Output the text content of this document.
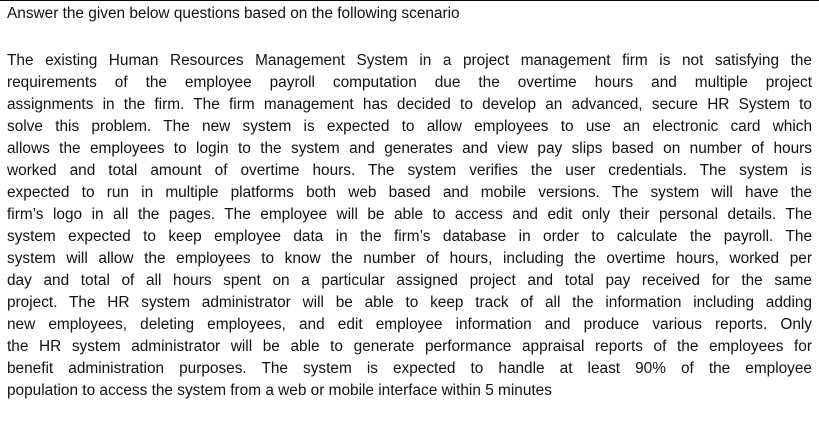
Answer the given below questions based on the following scenario
The existing Human Resources Management System in a project management firm is not satisfying the
requirements of the employee payroll computation due the overtime hours and multiple project
assignments in the firm. The firm management has decided to develop an advanced, secure HR System to
solve this problem. The new system is expected to allow employees to use an electronic card which
allows the employees to login to the system and generates and view pay slips based on number of hours
worked and total amount of overtime hours. The system verifies the user credentials. The system is
expected to run in multiple platforms both web based and mobile versions. The system will have the
firm’s logo in all the pages. The employee will be able to access and edit only their personal details. The
system expected to keep employee data in the firm’s database in order to calculate the payroll. The
system will allow the employees to know the number of hours, including the overtime hours, worked per
day and total of all hours spent on a particular assigned project and total pay received for the same
project. The HR system administrator will be able to keep track of all the information including adding
new employees, deleting employees, and edit employee information and produce various reports. Only
the HR system administrator will be able to generate performance appraisal reports of the employees for
benefit administration purposes. The system is expected to handle at least 90% of the employee
population to access the system from a web or mobile interface within 5 minutes
